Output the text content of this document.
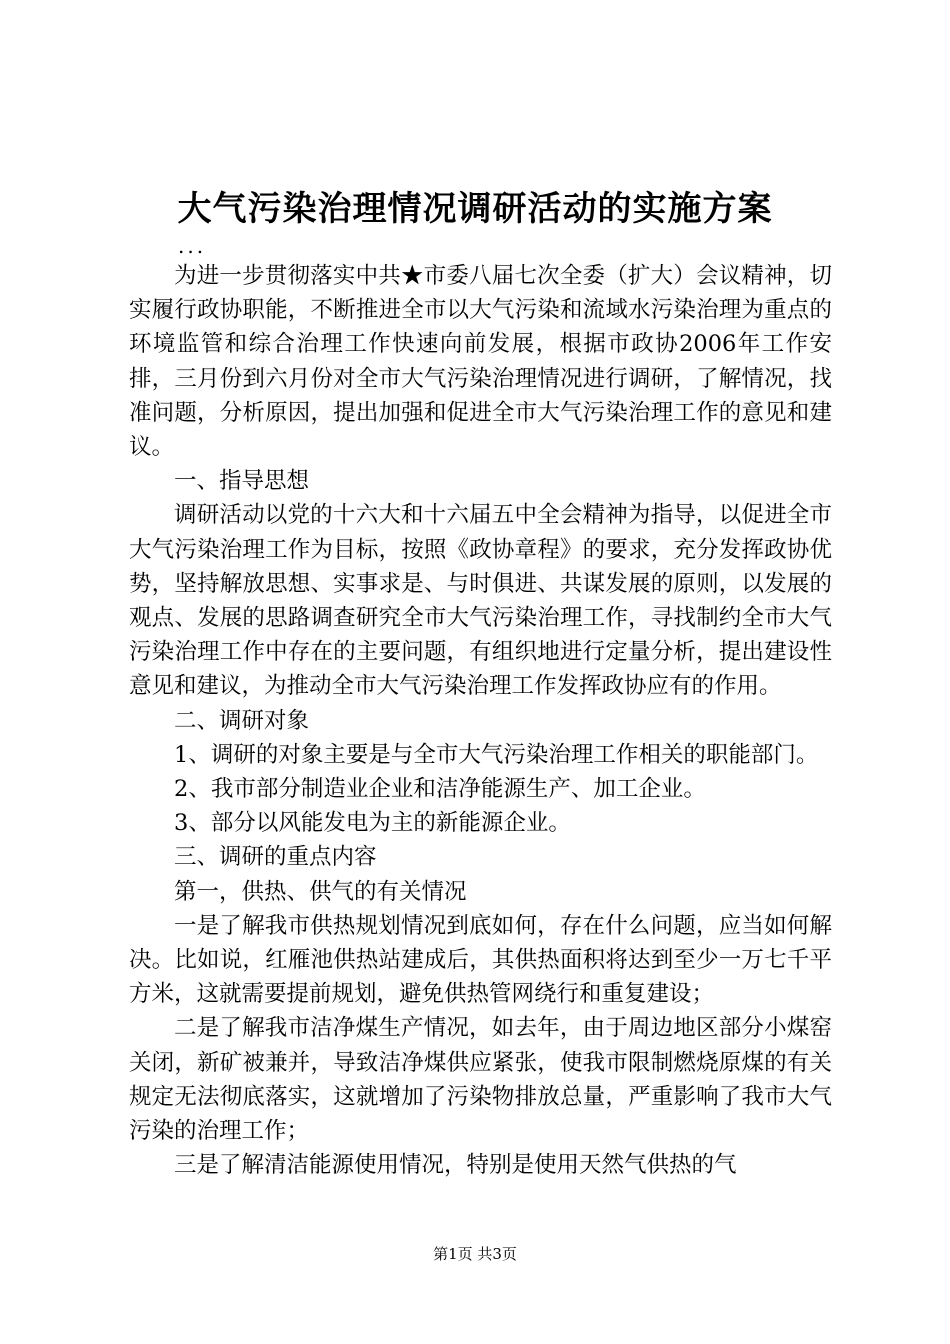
大气污染治理情况调研活动的实施方案
...

为进一步贯彻落实中共★市委八届七次全委（扩大）会议精神，切实履行政协职能，不断推进全市以大气污染和流域水污染治理为重点的环境监管和综合治理工作快速向前发展，根据市政协2006年工作安排，三月份到六月份对全市大气污染治理情况进行调研，了解情况，找准问题，分析原因，提出加强和促进全市大气污染治理工作的意见和建议。

一、指导思想

调研活动以党的十六大和十六届五中全会精神为指导，以促进全市大气污染治理工作为目标，按照《政协章程》的要求，充分发挥政协优势，坚持解放思想、实事求是、与时俱进、共谋发展的原则，以发展的观点、发展的思路调查研究全市大气污染治理工作，寻找制约全市大气污染治理工作中存在的主要问题，有组织地进行定量分析，提出建设性意见和建议，为推动全市大气污染治理工作发挥政协应有的作用。

二、调研对象

1、调研的对象主要是与全市大气污染治理工作相关的职能部门。

2、我市部分制造业企业和洁净能源生产、加工企业。

3、部分以风能发电为主的新能源企业。

三、调研的重点内容

第一，供热、供气的有关情况

一是了解我市供热规划情况到底如何，存在什么问题，应当如何解决。比如说，红雁池供热站建成后，其供热面积将达到至少一万七千平方米，这就需要提前规划，避免供热管网绕行和重复建设；

二是了解我市洁净煤生产情况，如去年，由于周边地区部分小煤窑关闭，新矿被兼并，导致洁净煤供应紧张，使我市限制燃烧原煤的有关规定无法彻底落实，这就增加了污染物排放总量，严重影响了我市大气污染的治理工作；

三是了解清洁能源使用情况，特别是使用天然气供热的气

第1页 共3页
